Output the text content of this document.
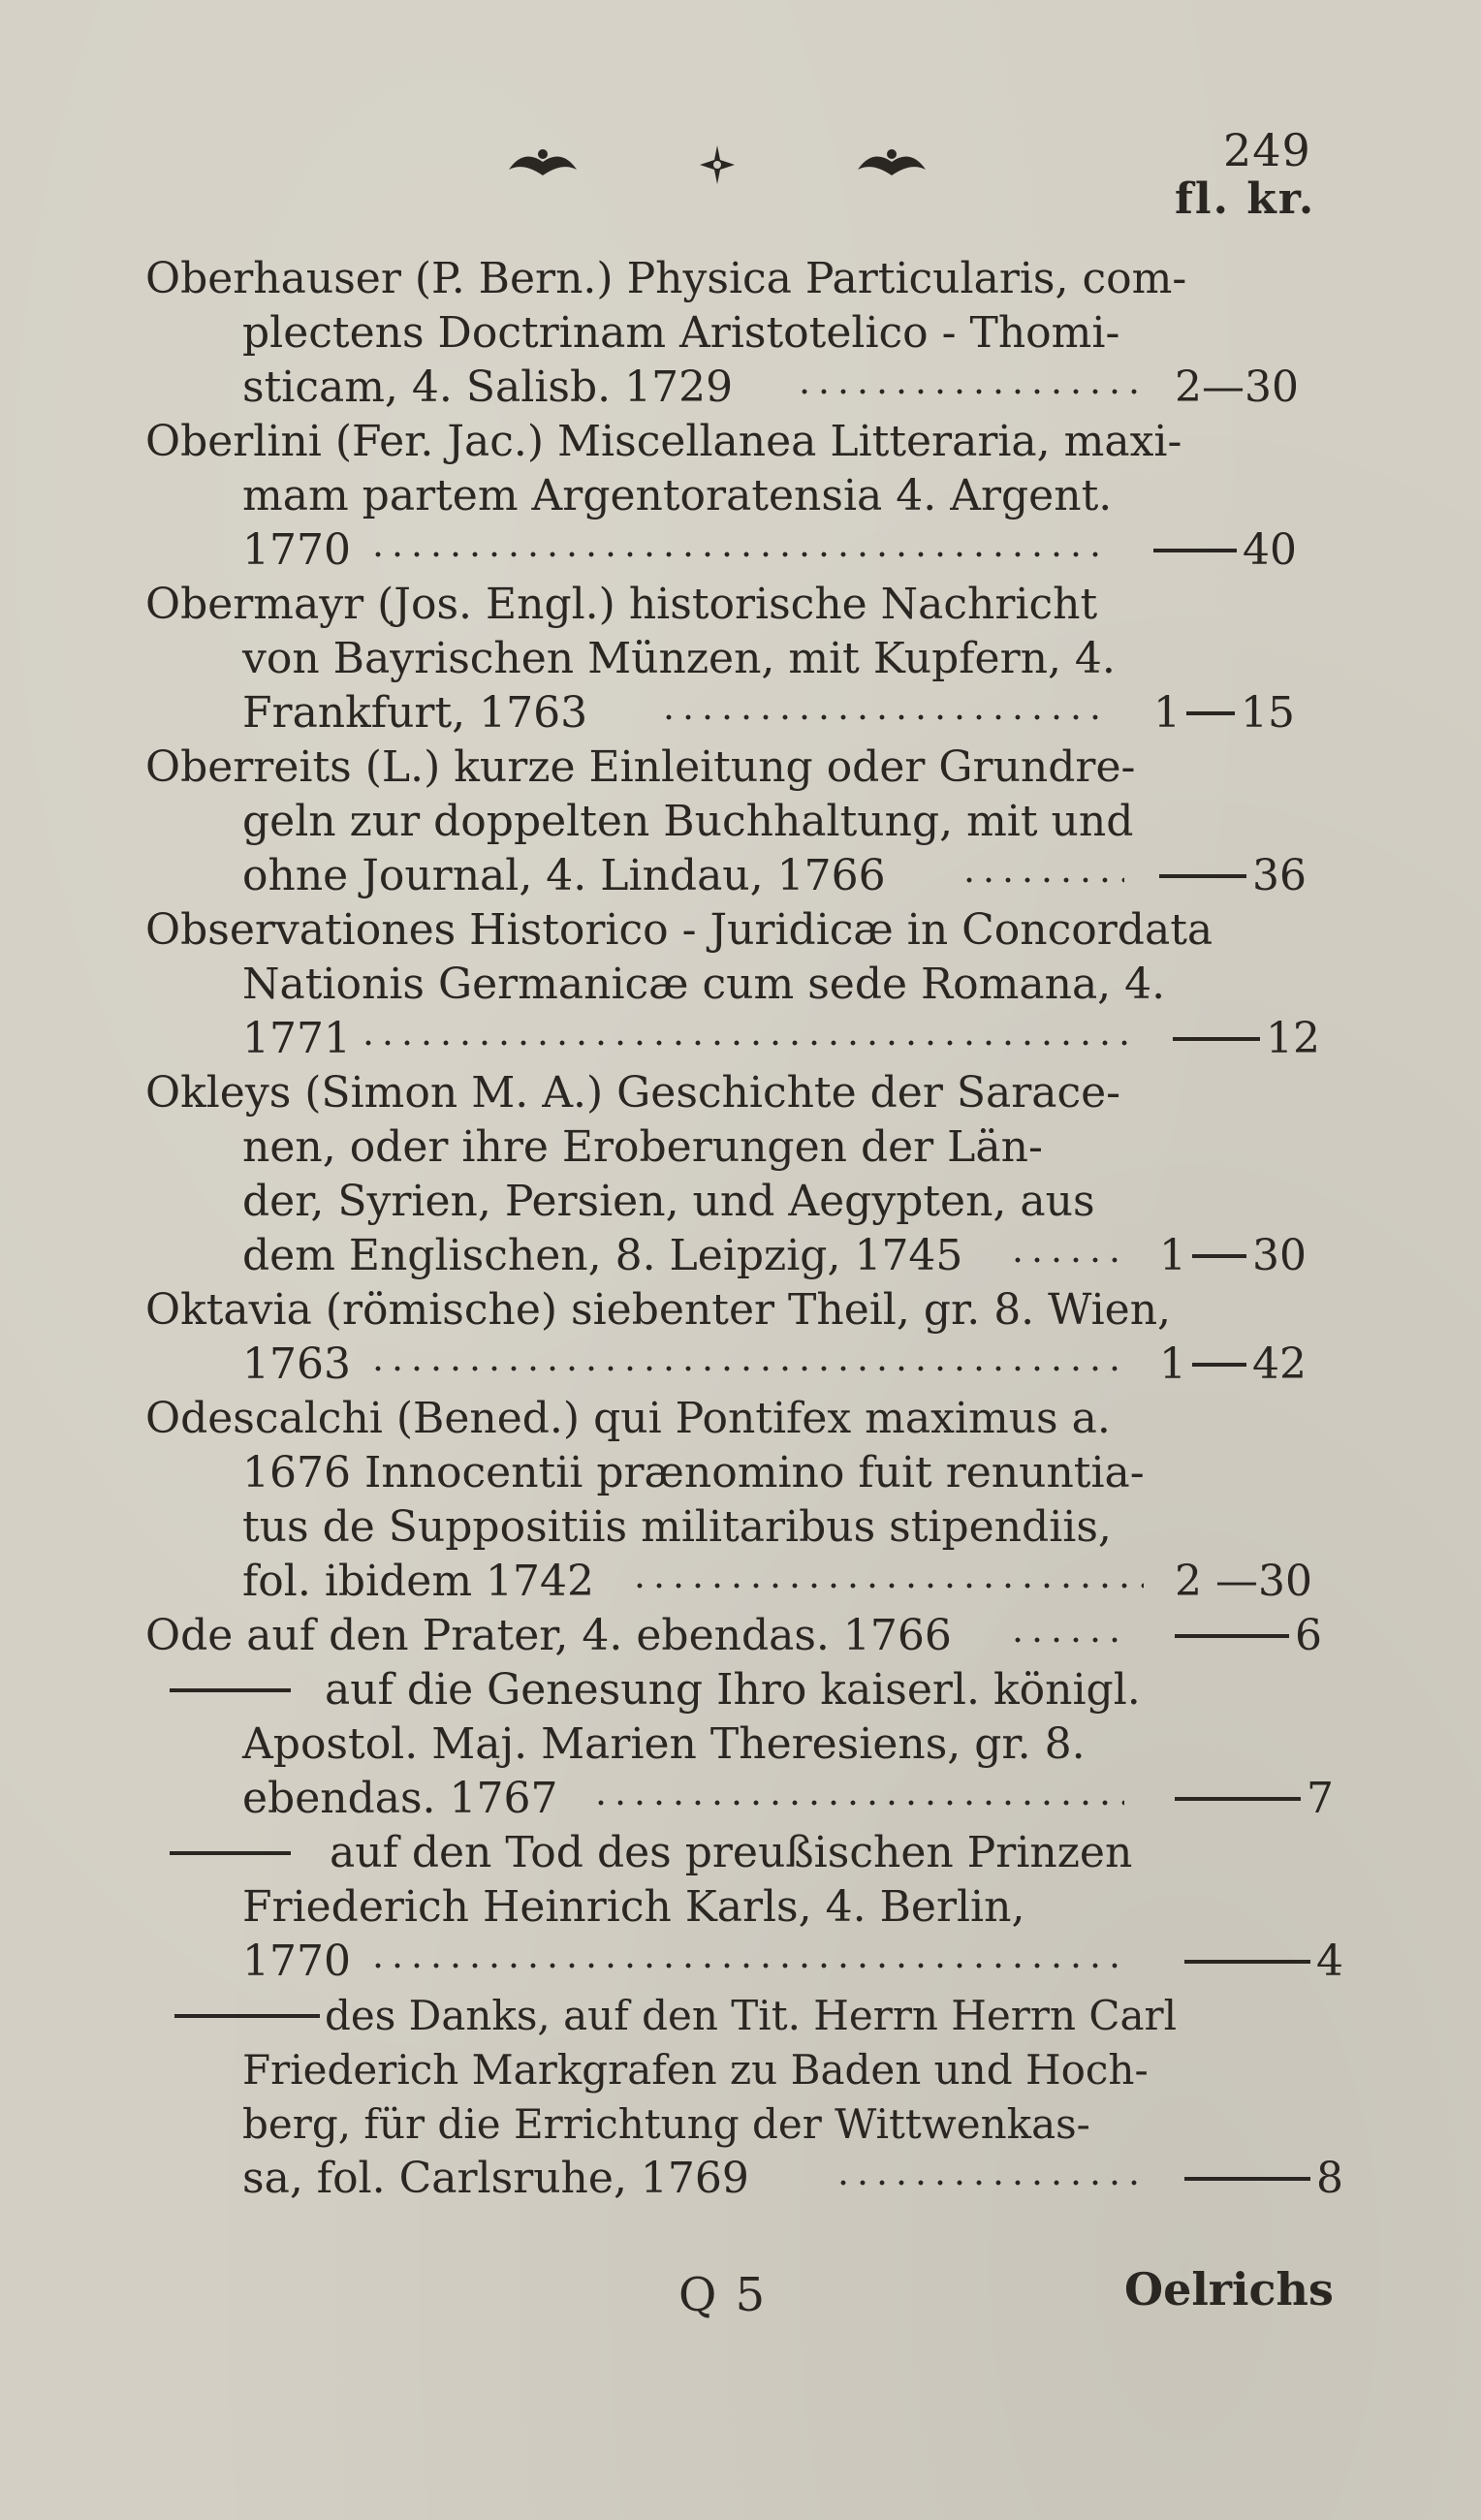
249
fl. kr.
Oberhauser (P. Bern.) Physica Particularis, com-
plectens Doctrinam Aristotelico - Thomi-
sticam, 4. Salisb. 1729	2—30
Oberlini (Fer. Jac.) Miscellanea Litteraria, maxi-
mam partem Argentoratensia 4. Argent.
1770	40
Obermayr (Jos. Engl.) historische Nachricht
von Bayrischen Münzen, mit Kupfern, 4.
Frankfurt, 1763	1 15
Oberreits (L.) kurze Einleitung oder Grundre-
geln zur doppelten Buchhaltung, mit und
ohne Journal, 4. Lindau, 1766	36
Observationes Historico - Juridicæ in Concordata
Nationis Germanicæ cum sede Romana, 4.
1771	12
Okleys (Simon M. A.) Geschichte der Sarace-
nen, oder ihre Eroberungen der Län-
der, Syrien, Persien, und Aegypten, aus
dem Englischen, 8. Leipzig, 1745	1 30
Oktavia (römische) siebenter Theil, gr. 8. Wien,
1763	1 42
Odescalchi (Bened.) qui Pontifex maximus a.
1676 Innocentii prænomino fuit renuntia-
tus de Suppositiis militaribus stipendiis,
fol. ibidem 1742	2 —30
Ode auf den Prater, 4. ebendas. 1766	6
auf die Genesung Ihro kaiserl. königl.
Apostol. Maj. Marien Theresiens, gr. 8.
ebendas. 1767	7
auf den Tod des preußischen Prinzen
Friederich Heinrich Karls, 4. Berlin,
1770	4
des Danks, auf den Tit. Herrn Herrn Carl
Friederich Markgrafen zu Baden und Hoch-
berg, für die Errichtung der Wittwenkas-
sa, fol. Carlsruhe, 1769	8
Q 5	Oelrichs
